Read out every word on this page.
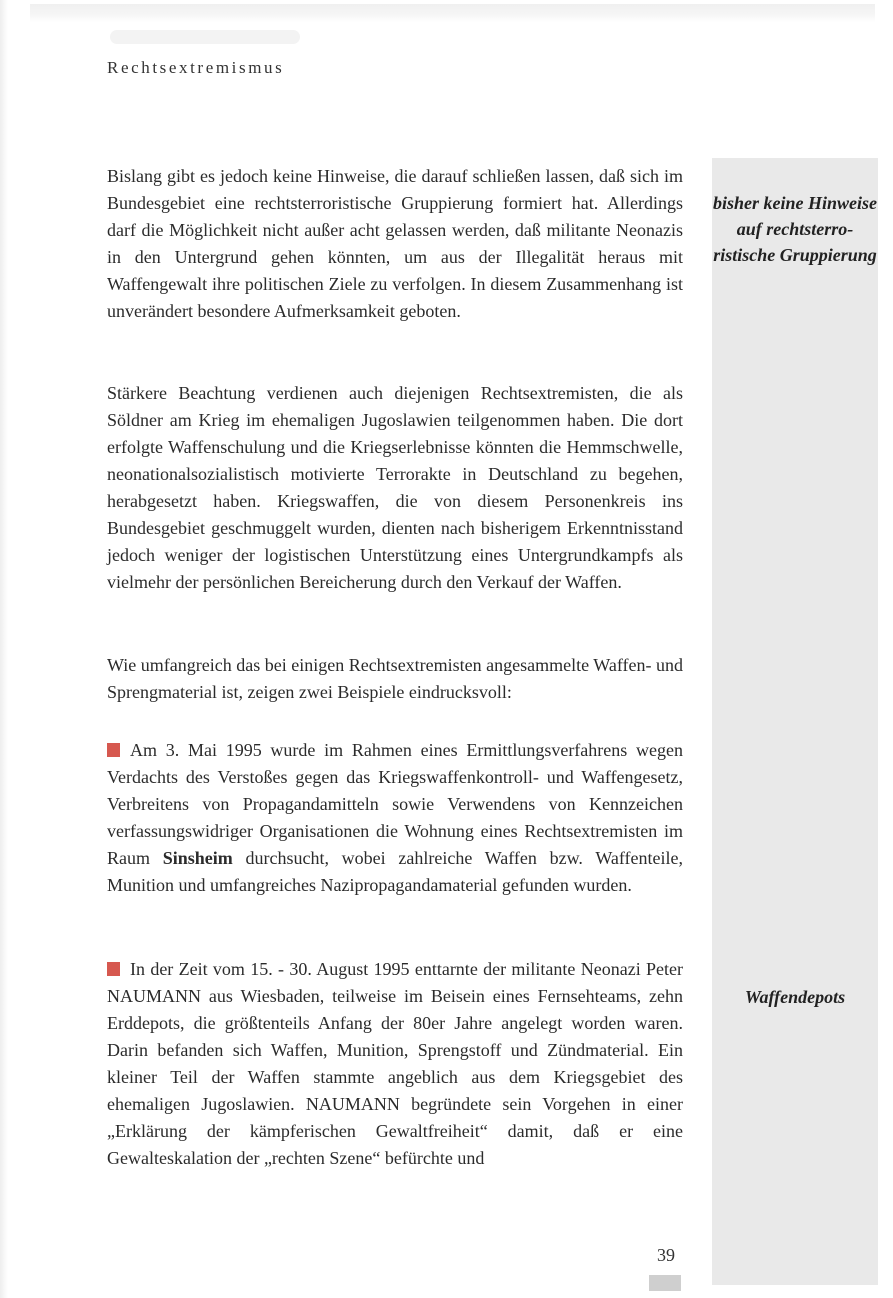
Rechtsextremismus
bisher keine Hinweise auf rechtsterro-ristische Gruppierung
Waffendepots

Bislang gibt es jedoch keine Hinweise, die darauf schließen lassen, daß sich im Bundesgebiet eine rechtsterroristische Gruppierung formiert hat. Allerdings darf die Möglichkeit nicht außer acht gelassen werden, daß militante Neonazis in den Untergrund gehen könnten, um aus der Illegalität heraus mit Waffengewalt ihre politischen Ziele zu verfolgen. In diesem Zusammenhang ist unverändert besondere Aufmerksamkeit geboten.

Stärkere Beachtung verdienen auch diejenigen Rechtsextremisten, die als Söldner am Krieg im ehemaligen Jugoslawien teilgenommen haben. Die dort erfolgte Waffenschulung und die Kriegserlebnisse könnten die Hemmschwelle, neonationalsozialistisch motivierte Terrorakte in Deutschland zu begehen, herabgesetzt haben. Kriegswaffen, die von diesem Personenkreis ins Bundesgebiet geschmuggelt wurden, dienten nach bisherigem Erkenntnisstand jedoch weniger der logistischen Unterstützung eines Untergrundkampfs als vielmehr der persönlichen Bereicherung durch den Verkauf der Waffen.

Wie umfangreich das bei einigen Rechtsextremisten angesammelte Waffen- und Sprengmaterial ist, zeigen zwei Beispiele eindrucksvoll:

Am 3. Mai 1995 wurde im Rahmen eines Ermittlungsverfahrens wegen Verdachts des Verstoßes gegen das Kriegswaffenkontroll- und Waffengesetz, Verbreitens von Propagandamitteln sowie Verwendens von Kennzeichen verfassungswidriger Organisationen die Wohnung eines Rechtsextremisten im Raum Sinsheim durchsucht, wobei zahlreiche Waffen bzw. Waffenteile, Munition und umfangreiches Nazipropagandamaterial gefunden wurden.
In der Zeit vom 15. - 30. August 1995 enttarnte der militante Neonazi Peter NAUMANN aus Wiesbaden, teilweise im Beisein eines Fernsehteams, zehn Erddepots, die größtenteils Anfang der 80er Jahre angelegt worden waren. Darin befanden sich Waffen, Munition, Sprengstoff und Zündmaterial. Ein kleiner Teil der Waffen stammte angeblich aus dem Kriegsgebiet des ehemaligen Jugoslawien. NAUMANN begründete sein Vorgehen in einer „Erklärung der kämpferischen Gewaltfreiheit“ damit, daß er eine Gewalteskalation der „rechten Szene“ befürchte und
39
